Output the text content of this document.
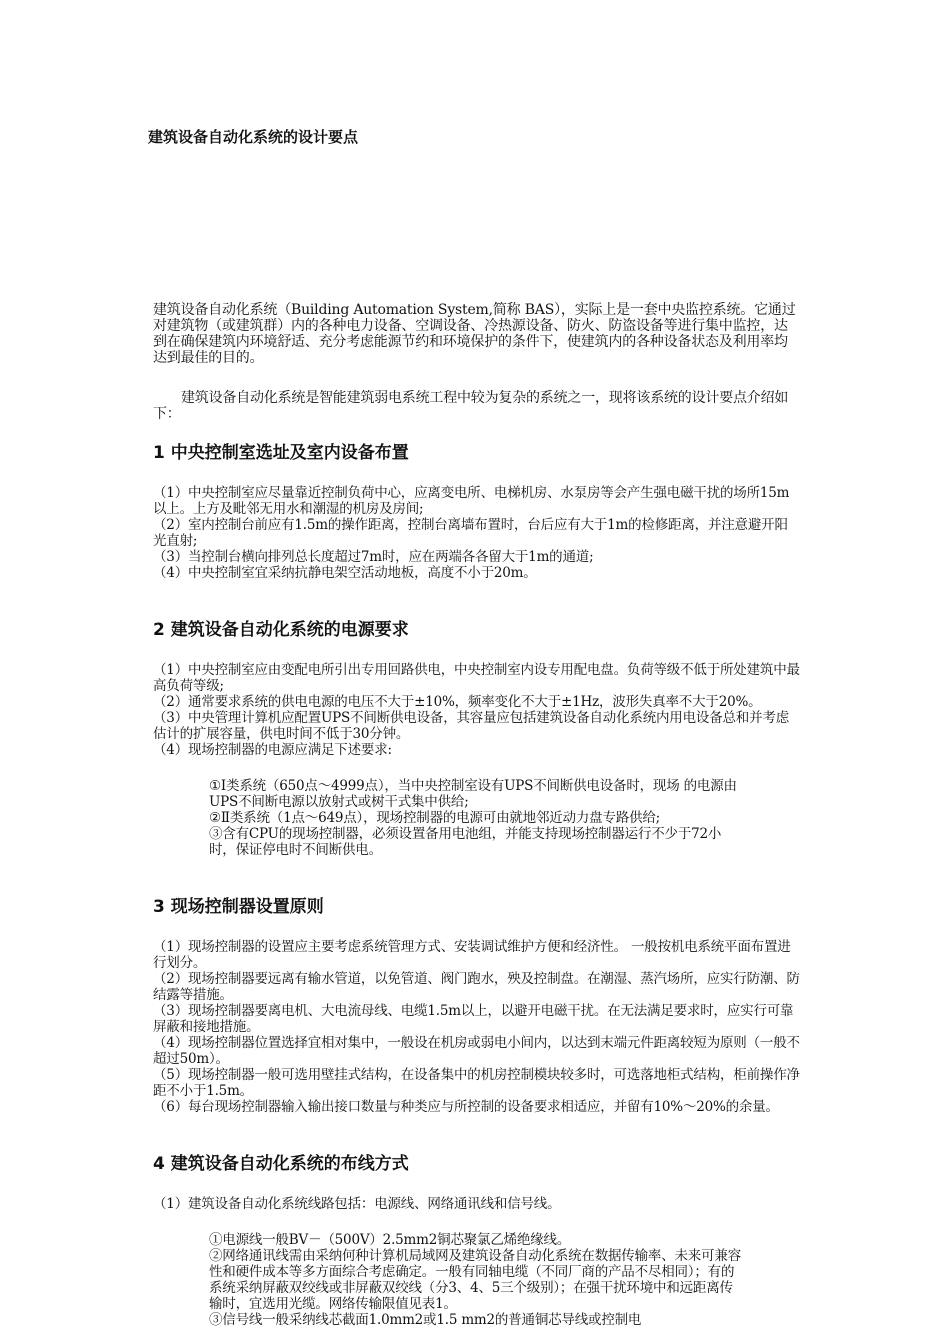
建筑设备自动化系统的设计要点

建筑设备自动化系统（Building Automation System,简称 BAS），实际上是一套中央监控系统。它通过对建筑物（或建筑群）内的各种电力设备、空调设备、冷热源设备、防火、防盗设备等进行集中监控，达到在确保建筑内环境舒适、充分考虑能源节约和环境保护的条件下，使建筑内的各种设备状态及利用率均达到最佳的目的。

建筑设备自动化系统是智能建筑弱电系统工程中较为复杂的系统之一，现将该系统的设计要点介绍如下：

1 中央控制室选址及室内设备布置

（1）中央控制室应尽量靠近控制负荷中心，应离变电所、电梯机房、水泵房等会产生强电磁干扰的场所15m以上。上方及毗邻无用水和潮湿的机房及房间;

（2）室内控制台前应有1.5m的操作距离，控制台离墙布置时，台后应有大于1m的检修距离，并注意避开阳光直射;

（3）当控制台横向排列总长度超过7m时，应在两端各各留大于1m的通道;

（4）中央控制室宜采纳抗静电架空活动地板，高度不小于20m。

2 建筑设备自动化系统的电源要求

（1）中央控制室应由变配电所引出专用回路供电，中央控制室内设专用配电盘。负荷等级不低于所处建筑中最高负荷等级;

（2）通常要求系统的供电电源的电压不大于±10%，频率变化不大于±1Hz，波形失真率不大于20%。

（3）中央管理计算机应配置UPS不间断供电设备，其容量应包括建筑设备自动化系统内用电设备总和并考虑估计的扩展容量，供电时间不低于30分钟。

（4）现场控制器的电源应满足下述要求:

①Ⅰ类系统（650点～4999点），当中央控制室设有UPS不间断供电设备时，现场 的电源由UPS不间断电源以放射式或树干式集中供给;

②Ⅱ类系统（1点～649点），现场控制器的电源可由就地邻近动力盘专路供给;

③含有CPU的现场控制器，必须设置备用电池组，并能支持现场控制器运行不少于72小时，保证停电时不间断供电。

3 现场控制器设置原则

（1）现场控制器的设置应主要考虑系统管理方式、安装调试维护方便和经济性。 一般按机电系统平面布置进行划分。

（2）现场控制器要远离有输水管道，以免管道、阀门跑水，殃及控制盘。在潮湿、蒸汽场所，应实行防潮、防结露等措施。

（3）现场控制器要离电机、大电流母线、电缆1.5m以上，以避开电磁干扰。在无法满足要求时，应实行可靠屏蔽和接地措施。

（4）现场控制器位置选择宜相对集中，一般设在机房或弱电小间内，以达到末端元件距离较短为原则（一般不超过50m）。

（5）现场控制器一般可选用壁挂式结构，在设备集中的机房控制模块较多时，可选落地柜式结构，柜前操作净距不小于1.5m。

（6）每台现场控制器输入输出接口数量与种类应与所控制的设备要求相适应，并留有10%～20%的余量。

4 建筑设备自动化系统的布线方式

（1）建筑设备自动化系统线路包括：电源线、网络通讯线和信号线。

①电源线一般BV－（500V）2.5mm2铜芯聚氯乙烯绝缘线。

②网络通讯线需由采纳何种计算机局域网及建筑设备自动化系统在数据传输率、未来可兼容性和硬件成本等多方面综合考虑确定。一般有同轴电缆（不同厂商的产品不尽相同）；有的系统采纳屏蔽双绞线或非屏蔽双绞线（分3、4、5三个级别）；在强干扰环境中和远距离传输时，宜选用光缆。网络传输限值见表1。

③信号线一般采纳线芯截面1.0mm2或1.5 mm2的普通铜芯导线或控制电
